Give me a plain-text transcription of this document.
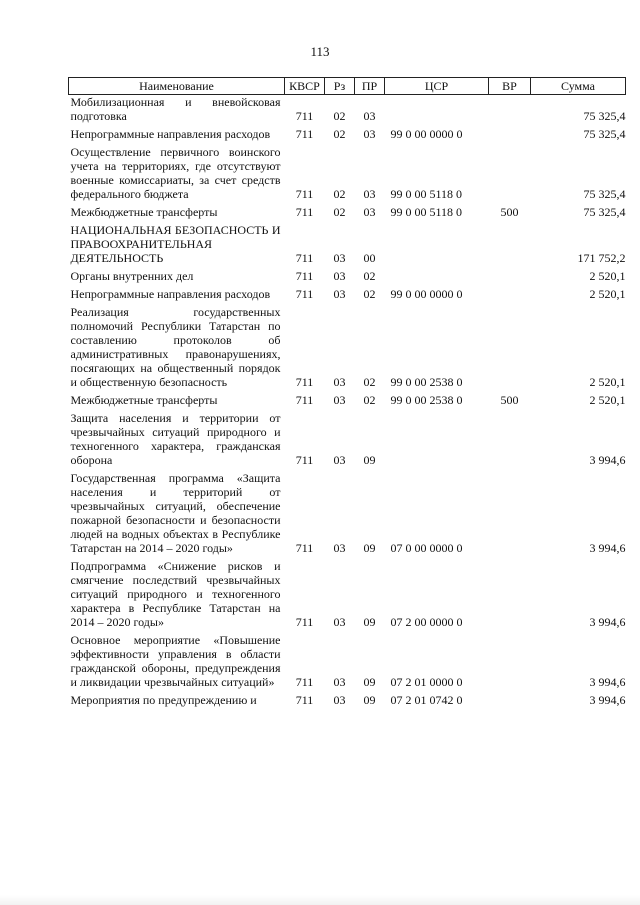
113
Наименование	КВСР	Рз	ПР	ЦСР	ВР	Сумма
Мобилизационная и вневойсковая подготовка	711	02	03			75 325,4
Непрограммные направления расходов	711	02	03	99 0 00 0000 0		75 325,4
Осуществление первичного воинского учета на территориях, где отсутствуют военные комиссариаты, за счет средств федерального бюджета	711	02	03	99 0 00 5118 0		75 325,4
Межбюджетные трансферты	711	02	03	99 0 00 5118 0	500	75 325,4
НАЦИОНАЛЬНАЯ БЕЗОПАСНОСТЬ И ПРАВООХРАНИТЕЛЬНАЯ ДЕЯТЕЛЬНОСТЬ	711	03	00			171 752,2
Органы внутренних дел	711	03	02			2 520,1
Непрограммные направления расходов	711	03	02	99 0 00 0000 0		2 520,1
Реализация государственных полномочий Республики Татарстан по составлению протоколов об административных правонарушениях, посягающих на общественный порядок и общественную безопасность	711	03	02	99 0 00 2538 0		2 520,1
Межбюджетные трансферты	711	03	02	99 0 00 2538 0	500	2 520,1
Защита населения и территории от чрезвычайных ситуаций природного и техногенного характера, гражданская оборона	711	03	09			3 994,6
Государственная программа «Защита населения и территорий от чрезвычайных ситуаций, обеспечение пожарной безопасности и безопасности людей на водных объектах в Республике Татарстан на 2014 – 2020 годы»	711	03	09	07 0 00 0000 0		3 994,6
Подпрограмма «Снижение рисков и смягчение последствий чрезвычайных ситуаций природного и техногенного характера в Республике Татарстан на 2014 – 2020 годы»	711	03	09	07 2 00 0000 0		3 994,6
Основное мероприятие «Повышение эффективности управления в области гражданской обороны, предупреждения и ликвидации чрезвычайных ситуаций»	711	03	09	07 2 01 0000 0		3 994,6
Мероприятия по предупреждению и	711	03	09	07 2 01 0742 0		3 994,6
